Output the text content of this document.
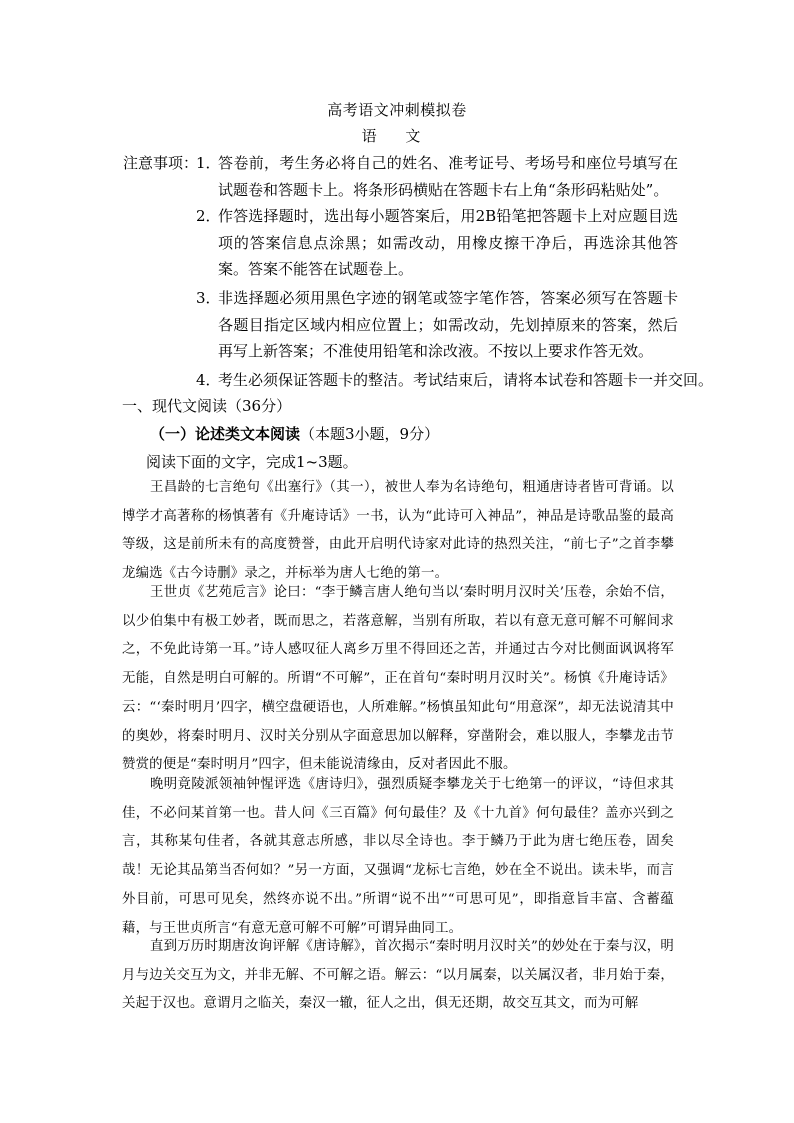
高考语文冲刺模拟卷
语 文
注意事项：
1．
答卷前，考生务必将自己的姓名、准考证号、考场号和座位号填写在试题卷和答题卡上。将条形码横贴在答题卡右上角“条形码粘贴处”。
2．
作答选择题时，选出每小题答案后，用2B铅笔把答题卡上对应题目选项的答案信息点涂黑；如需改动，用橡皮擦干净后，再选涂其他答案。答案不能答在试题卷上。
3．
非选择题必须用黑色字迹的钢笔或签字笔作答，答案必须写在答题卡各题目指定区域内相应位置上；如需改动，先划掉原来的答案，然后再写上新答案；不准使用铅笔和涂改液。不按以上要求作答无效。
4．
考生必须保证答题卡的整洁。考试结束后，请将本试卷和答题卡一并交回。
一、现代文阅读（36分）
（一）论述类文本阅读（本题3小题，9分）
阅读下面的文字，完成1~3题。

王昌龄的七言绝句《出塞行》（其一），被世人奉为名诗绝句，粗通唐诗者皆可背诵。以博学才高著称的杨慎著有《升庵诗话》一书，认为“此诗可入神品”，神品是诗歌品鉴的最高等级，这是前所未有的高度赞誉，由此开启明代诗家对此诗的热烈关注，“前七子”之首李攀龙编选《古今诗删》录之，并标举为唐人七绝的第一。

王世贞《艺苑卮言》论曰：“李于鳞言唐人绝句当以‘秦时明月汉时关’压卷，余始不信，以少伯集中有极工妙者，既而思之，若落意解，当别有所取，若以有意无意可解不可解间求之，不免此诗第一耳。”诗人感叹征人离乡万里不得回还之苦，并通过古今对比侧面讽讽将军无能，自然是明白可解的。所谓“不可解”，正在首句“秦时明月汉时关”。杨慎《升庵诗话》云：“‘秦时明月’四字，横空盘硬语也，人所难解。”杨慎虽知此句“用意深”，却无法说清其中的奥妙，将秦时明月、汉时关分别从字面意思加以解释，穿凿附会，难以服人，李攀龙击节赞赏的便是“秦时明月”四字，但未能说清缘由，反对者因此不服。

晚明竟陵派领袖钟惺评选《唐诗归》，强烈质疑李攀龙关于七绝第一的评议，“诗但求其佳，不必问某首第一也。昔人问《三百篇》何句最佳？及《十九首》何句最佳？盖亦兴到之言，其称某句佳者，各就其意志所感，非以尽全诗也。李于鳞乃于此为唐七绝压卷，固矣哉！无论其品第当否何如？”另一方面，又强调“龙标七言绝，妙在全不说出。读未毕，而言外目前，可思可见矣，然终亦说不出。”所谓“说不出”“可思可见”，即指意旨丰富、含蓄蕴藉，与王世贞所言“有意无意可解不可解”可谓异曲同工。

直到万历时期唐汝询评解《唐诗解》，首次揭示“秦时明月汉时关”的妙处在于秦与汉，明月与边关交互为文，并非无解、不可解之语。解云：“以月属秦，以关属汉者，非月始于秦，关起于汉也。意谓月之临关，秦汉一辙，征人之出，俱无还期，故交互其文，而为可解
